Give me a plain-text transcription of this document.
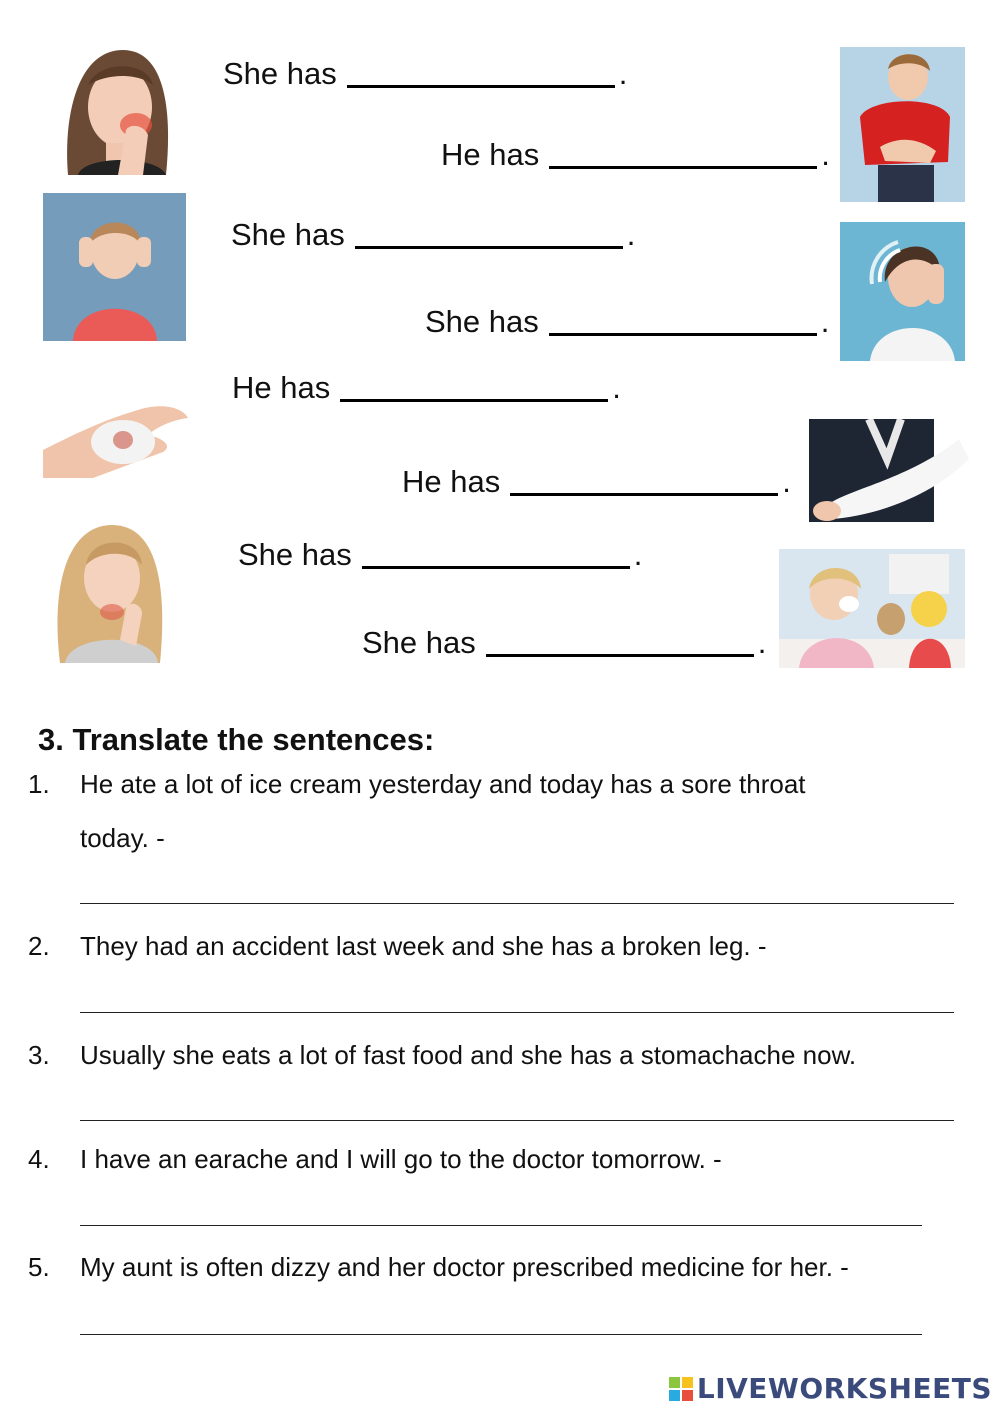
She has	.
He has	.
She has	.
She has	.
He has	.
He has	.
She has	.
She has	.
3. Translate the sentences:
1. He ate a lot of ice cream yesterday and today has a sore throat
today. -
2. They had an accident last week and she has a broken leg. -
3. Usually she eats a lot of fast food and she has a stomachache now.
4. I have an earache and I will go to the doctor tomorrow. -
5. My aunt is often dizzy and her doctor prescribed medicine for her. -
LIVEWORKSHEETS
